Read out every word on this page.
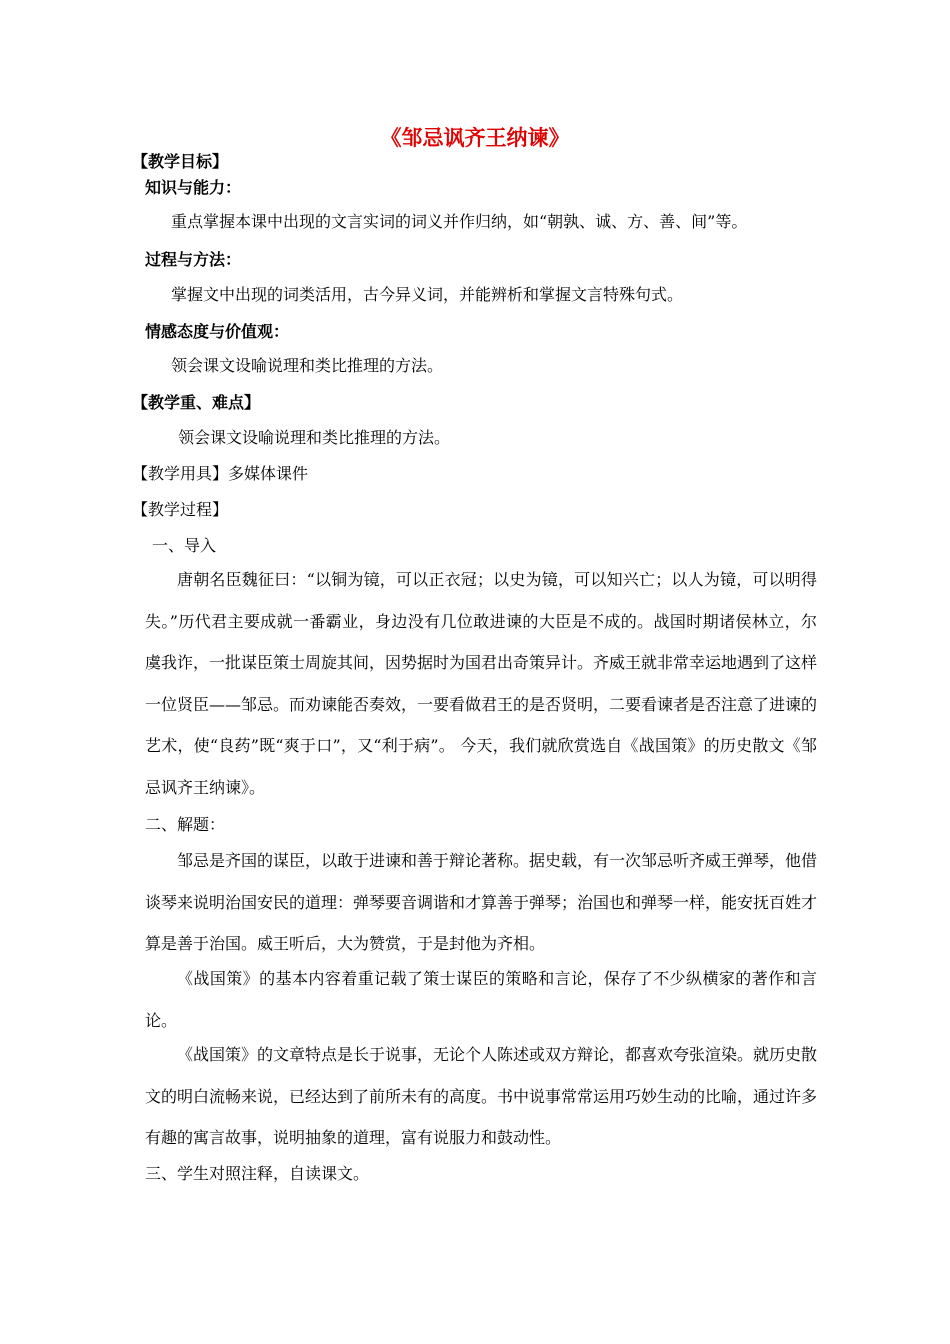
《邹忌讽齐王纳谏》
【教学目标】
知识与能力：
重点掌握本课中出现的文言实词的词义并作归纳，如“朝孰、诚、方、善、间”等。
过程与方法：
掌握文中出现的词类活用，古今异义词，并能辨析和掌握文言特殊句式。
情感态度与价值观：
领会课文设喻说理和类比推理的方法。
【教学重、难点】
领会课文设喻说理和类比推理的方法。
【教学用具】多媒体课件
【教学过程】
一、导入

唐朝名臣魏征曰：“以铜为镜，可以正衣冠；以史为镜，可以知兴亡；以人为镜，可以明得失。”历代君主要成就一番霸业，身边没有几位敢进谏的大臣是不成的。战国时期诸侯林立，尔虞我诈，一批谋臣策士周旋其间，因势据时为国君出奇策异计。齐威王就非常幸运地遇到了这样一位贤臣——邹忌。而劝谏能否奏效，一要看做君王的是否贤明，二要看谏者是否注意了进谏的艺术，使“良药”既“爽于口”，又“利于病”。 今天，我们就欣赏选自《战国策》的历史散文《邹忌讽齐王纳谏》。

二、解题：

邹忌是齐国的谋臣，以敢于进谏和善于辩论著称。据史载，有一次邹忌听齐威王弹琴，他借谈琴来说明治国安民的道理：弹琴要音调谐和才算善于弹琴；治国也和弹琴一样，能安抚百姓才算是善于治国。威王听后，大为赞赏，于是封他为齐相。

《战国策》的基本内容着重记载了策士谋臣的策略和言论，保存了不少纵横家的著作和言论。

《战国策》的文章特点是长于说事，无论个人陈述或双方辩论，都喜欢夸张渲染。就历史散文的明白流畅来说，已经达到了前所未有的高度。书中说事常常运用巧妙生动的比喻，通过许多有趣的寓言故事，说明抽象的道理，富有说服力和鼓动性。

三、学生对照注释，自读课文。
